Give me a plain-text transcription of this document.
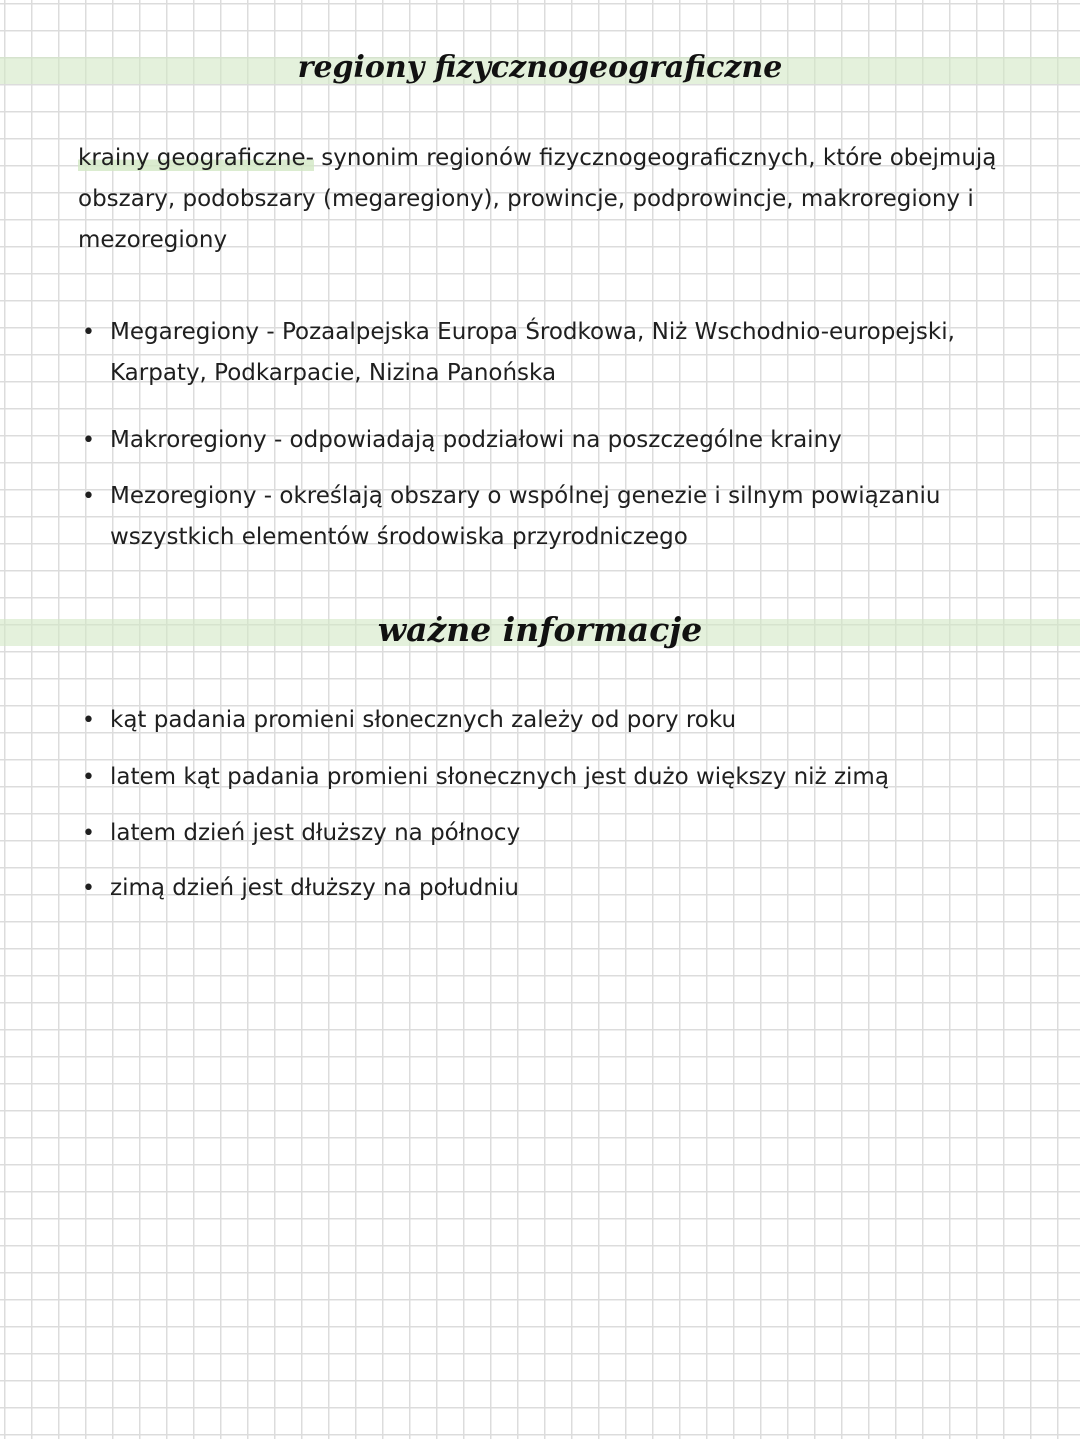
regiony fizycznogeograficzne

krainy geograficzne- synonim regionów fizycznogeograficznych, które obejmują obszary, podobszary (megaregiony), prowincje, podprowincje, makroregiony i mezoregiony

• Megaregiony - Pozaalpejska Europa Środkowa, Niż Wschodnio-europejski, Karpaty, Podkarpacie, Nizina Panońska
• Makroregiony - odpowiadają podziałowi na poszczególne krainy
• Mezoregiony - określają obszary o wspólnej genezie i silnym powiązaniu wszystkich elementów środowiska przyrodniczego
ważne informacje
• kąt padania promieni słonecznych zależy od pory roku
• latem kąt padania promieni słonecznych jest dużo większy niż zimą
• latem dzień jest dłuższy na północy
• zimą dzień jest dłuższy na południu
